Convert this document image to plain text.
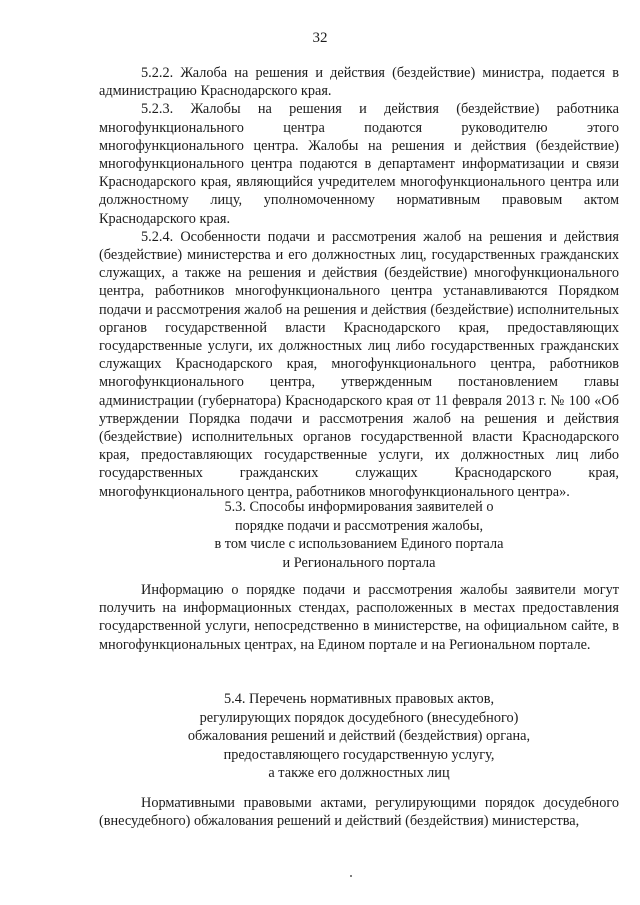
32

5.2.2. Жалоба на решения и действия (бездействие) министра, подается в администрацию Краснодарского края.

5.2.3. Жалобы на решения и действия (бездействие) работника многофункционального центра подаются руководителю этого многофункционального центра. Жалобы на решения и действия (бездействие) многофункционального центра подаются в департамент информатизации и связи Краснодарского края, являющийся учредителем многофункционального центра или должностному лицу, уполномоченному нормативным правовым актом Краснодарского края.

5.2.4. Особенности подачи и рассмотрения жалоб на решения и действия (бездействие) министерства и его должностных лиц, государственных гражданских служащих, а также на решения и действия (бездействие) многофункционального центра, работников многофункционального центра устанавливаются Порядком подачи и рассмотрения жалоб на решения и действия (бездействие) исполнительных органов государственной власти Краснодарского края, предоставляющих государственные услуги, их должностных лиц либо государственных гражданских служащих Краснодарского края, многофункционального центра, работников многофункционального центра, утвержденным постановлением главы администрации (губернатора) Краснодарского края от 11 февраля 2013 г. № 100 «Об утверждении Порядка подачи и рассмотрения жалоб на решения и действия (бездействие) исполнительных органов государственной власти Краснодарского края, предоставляющих государственные услуги, их должностных лиц либо государственных гражданских служащих Краснодарского края, многофункционального центра, работников многофункционального центра».

5.3. Способы информирования заявителей о
порядке подачи и рассмотрения жалобы,
в том числе с использованием Единого портала
и Регионального портала

Информацию о порядке подачи и рассмотрения жалобы заявители могут получить на информационных стендах, расположенных в местах предоставления государственной услуги, непосредственно в министерстве, на официальном сайте, в многофункциональных центрах, на Едином портале и на Региональном портале.

5.4. Перечень нормативных правовых актов,
регулирующих порядок досудебного (внесудебного)
обжалования решений и действий (бездействия) органа,
предоставляющего государственную услугу,
а также его должностных лиц

Нормативными правовыми актами, регулирующими порядок досудебного (внесудебного) обжалования решений и действий (бездействия) министерства,
